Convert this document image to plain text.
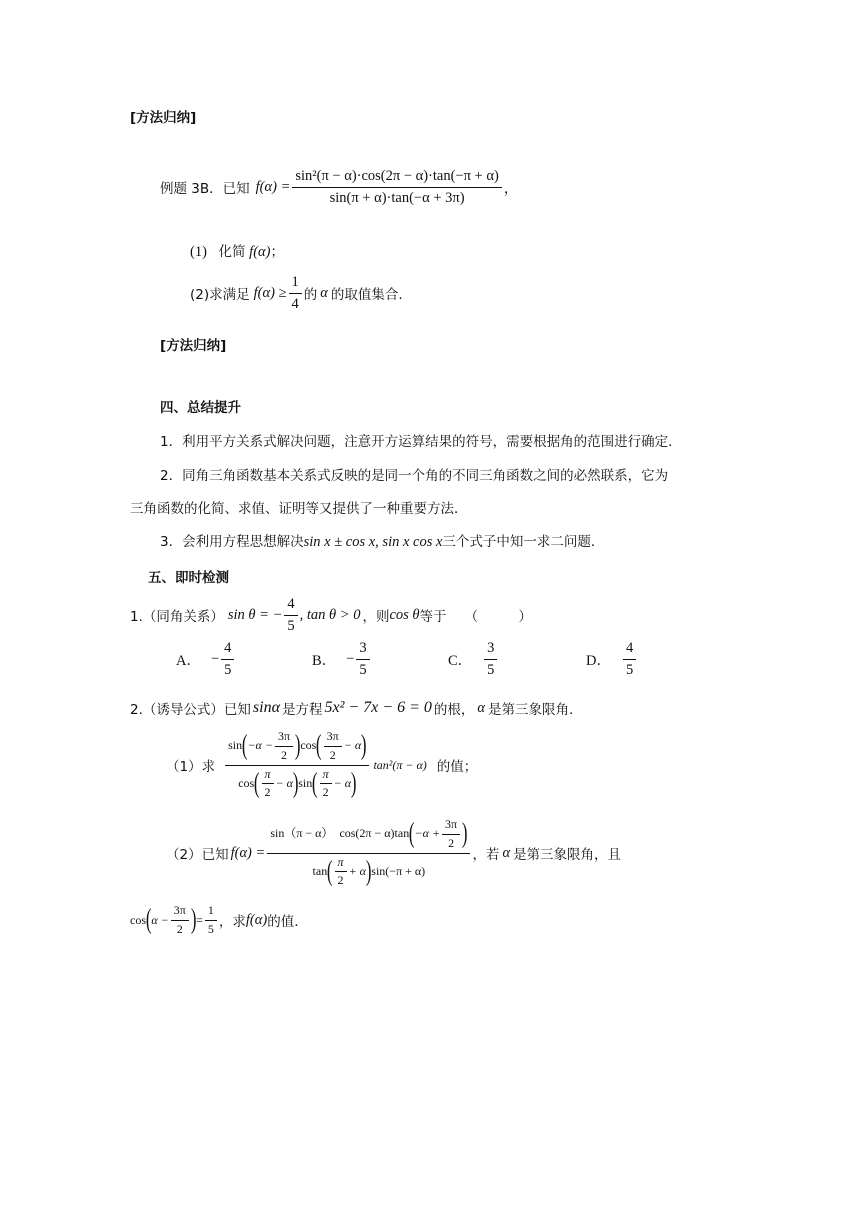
[方法归纳]
例题 3B．已知 $f(\alpha) = \frac{\text{sin²(π − α)·cos(2π − α)·tan(−π + α)}}{\sin(\pi + \alpha)\cdot\tan(-\alpha + 3\pi)}$ ，
(1) 化简 f(α)；
(2)求满足 $f(\alpha) \ge \frac{1}{4}$ 的 α 的取值集合.
[方法归纳]
四、总结提升
1．利用平方关系式解决问题，注意开方运算结果的符号，需要根据角的范围进行确定．
2．同角三角函数基本关系式反映的是同一个角的不同三角函数之间的必然联系，它为
三角函数的化简、求值、证明等又提供了一种重要方法．
3．会利用方程思想解决sin x ± cos x, sin x cos x三个式子中知一求二问题．
五、即时检测
1.（同角关系） sin θ = − $\frac{4}{5}$ , tan θ > 0 ，则 cos θ 等于 （　　　）
A． − $\frac{4}{5}$	B． − $\frac{3}{5}$	C． $\frac{3}{5}$	D． $\frac{4}{5}$
2.（诱导公式）已知 sinα 是方程 5x² − 7x − 6 = 0 的根， α 是第三象限角.
（1）求
sin ( $-\alpha - \frac{3\pi}{2}$ ) cos ( $\frac{3\pi}{2} - \alpha$ )
cos ( $\frac{\pi}{2} - \alpha$ ) sin ( $\frac{\pi}{2} - \alpha$ )
tan²(π − α) 的值；
（2）已知 f(α) =
sin（π − α） cos(2π − α) tan ( $-\alpha + \frac{3\pi}{2}$ )
tan ( $\frac{\pi}{2} + \alpha$ ) sin(−π + α)
，若 α 是第三象限角，且
cos ( $\alpha - \frac{3\pi}{2}$ ) = $\frac{1}{5}$ ，求 f(α) 的值.
